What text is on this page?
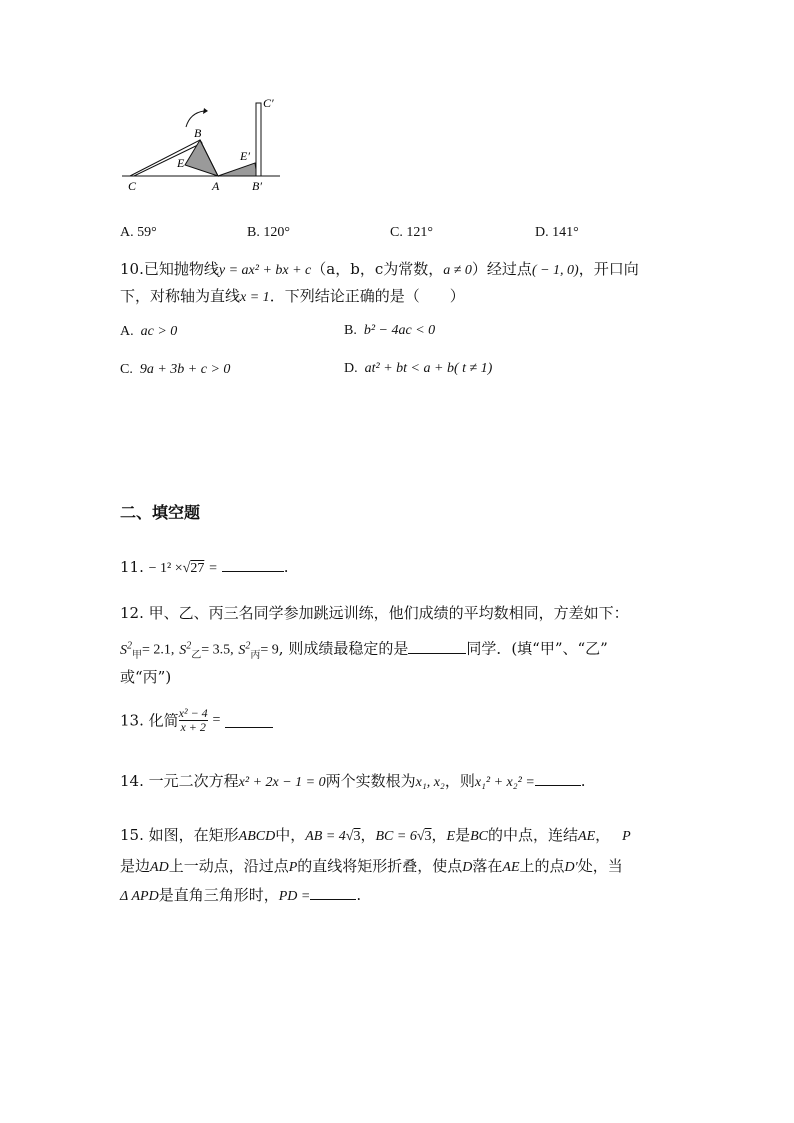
C
B
E
A	B′
C′
E′
A. 59°	B. 120°	C. 121°	D. 141°
10.已知抛物线y = ax² + bx + c（a，b，c为常数，a ≠ 0）经过点( − 1, 0)，开口向
下，对称轴为直线x = 1．下列结论正确的是（　　）
A. ac > 0	B. b² − 4ac < 0
C. 9a + 3b + c > 0	D. at² + bt < a + b( t ≠ 1)
二、填空题
11. − 1² ×√27 =	.
12. 甲、乙、丙三名同学参加跳远训练，他们成绩的平均数相同，方差如下：
$S^2_甲= 2.1$, $S^2_乙= 3.5$, $S^2_丙= 9$, 则成绩最稳定的是	同学．(填“甲”、“乙”
或“丙”)
13. 化简 $\frac{\text{x² − 4}}{x + 2}$ =
14. 一元二次方程x² + 2x − 1 = 0两个实数根为x₁, x₂，则x₁² + x₂² =	.
15. 如图，在矩形ABCD中，AB = 4√3，BC = 6√3，E是BC的中点，连结AE， P
是边AD上一动点，沿过点P的直线将矩形折叠，使点D落在AE上的点D′处，当
Δ APD是直角三角形时，PD =	.
